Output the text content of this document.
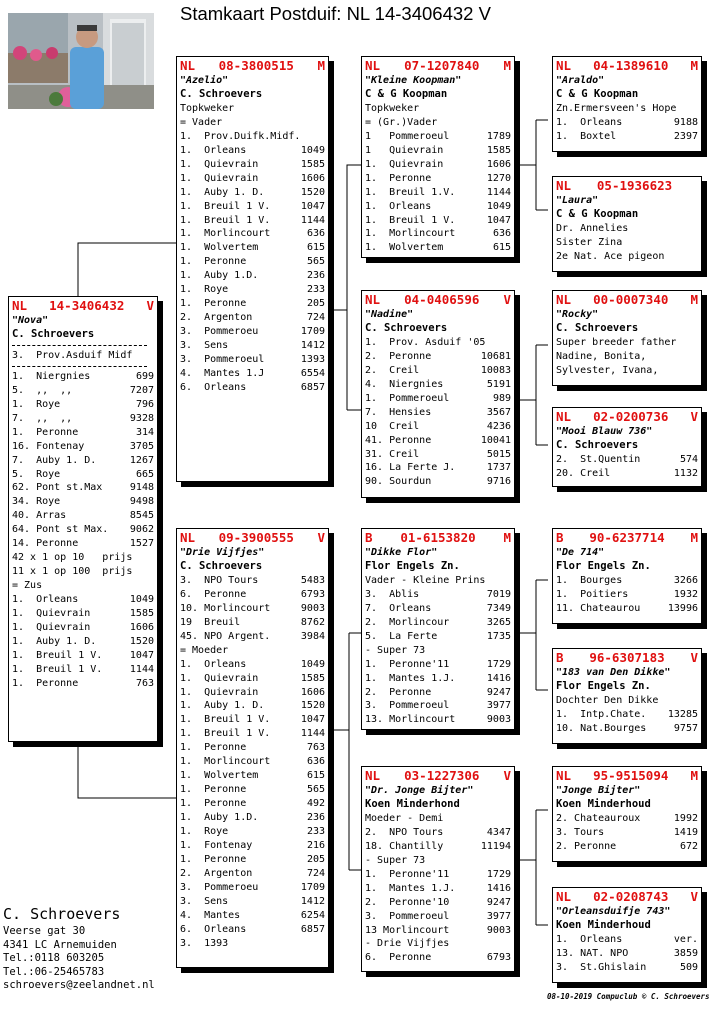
Stamkaart Postduif: NL 14-3406432 V
NL 14-3406432 V
"Nova"
C. Schroevers
3.  Prov.Asduif Midf
1.  Niergnies	699
5.  ,,  ,,	7207
1.  Roye	796
7.  ,,  ,,	9328
1.  Peronne	314
16. Fontenay	3705
7.  Auby 1. D.	1267
5.  Roye	665
62. Pont st.Max	9148
34. Roye	9498
40. Arras	8545
64. Pont st Max.	9062
14. Peronne	1527
42 x 1 op 10   prijs
11 x 1 op 100  prijs
= Zus
1.  Orleans	1049
1.  Quievrain	1585
1.  Quievrain	1606
1.  Auby 1. D.	1520
1.  Breuil 1 V.	1047
1.  Breuil 1 V.	1144
1.  Peronne	763
NL 08-3800515 M
"Azelio"
C. Schroevers
Topkweker
= Vader
1.  Prov.Duifk.Midf.
1.  Orleans	1049
1.  Quievrain	1585
1.  Quievrain	1606
1.  Auby 1. D.	1520
1.  Breuil 1 V.	1047
1.  Breuil 1 V.	1144
1.  Morlincourt	636
1.  Wolvertem	615
1.  Peronne	565
1.  Auby 1.D.	236
1.  Roye	233
1.  Peronne	205
2.  Argenton	724
3.  Pommeroeu	1709
3.  Sens	1412
3.  Pommeroeul	1393
4.  Mantes 1.J	6554
6.  Orleans	6857
NL 09-3900555 V
"Drie Vijfjes"
C. Schroevers
3.  NPO Tours	5483
6.  Peronne	6793
10. Morlincourt	9003
19  Breuil	8762
45. NPO Argent.	3984
= Moeder
1.  Orleans	1049
1.  Quievrain	1585
1.  Quievrain	1606
1.  Auby 1. D.	1520
1.  Breuil 1 V.	1047
1.  Breuil 1 V.	1144
1.  Peronne	763
1.  Morlincourt	636
1.  Wolvertem	615
1.  Peronne	565
1.  Peronne	492
1.  Auby 1.D.	236
1.  Roye	233
1.  Fontenay	216
1.  Peronne	205
2.  Argenton	724
3.  Pommeroeu	1709
3.  Sens	1412
4.  Mantes	6254
6.  Orleans	6857
3.  1393
NL 07-1207840 M
"Kleine Koopman"
C & G Koopman
Topkweker
= (Gr.)Vader
1   Pommeroeul	1789
1   Quievrain	1585
1.  Quievrain	1606
1.  Peronne	1270
1.  Breuil 1.V.	1144
1.  Orleans	1049
1.  Breuil 1 V.	1047
1.  Morlincourt	636
1.  Wolvertem	615
NL 04-0406596 V
"Nadine"
C. Schroevers
1.  Prov. Asduif '05
2.  Peronne	10681
2.  Creil	10083
4.  Niergnies	5191
1.  Pommeroeul	989
7.  Hensies	3567
10  Creil	4236
41. Peronne	10041
31. Creil	5015
16. La Ferte J.	1737
90. Sourdun	9716
B 01-6153820 M
"Dikke Flor"
Flor Engels Zn.
Vader - Kleine Prins
3.  Ablis	7019
7.  Orleans	7349
2.  Morlincour	3265
5.  La Ferte	1735
- Super 73
1.  Peronne'11	1729
1.  Mantes 1.J.	1416
2.  Peronne	9247
3.  Pommeroeul	3977
13. Morlincourt	9003
NL 03-1227306 V
"Dr. Jonge Bijter"
Koen Minderhond
Moeder - Demi
2.  NPO Tours	4347
18. Chantilly	11194
- Super 73
1.  Peronne'11	1729
1.  Mantes 1.J.	1416
2.  Peronne'10	9247
3.  Pommeroeul	3977
13 Morlincourt	9003
- Drie Vijfjes
6.  Peronne	6793
NL 04-1389610 M
"Araldo"
C & G Koopman
Zn.Ermersveen's Hope
1.  Orleans	9188
1.  Boxtel	2397
NL 05-1936623
"Laura"
C & G Koopman
Dr. Annelies
Sister Zina
2e Nat. Ace pigeon
NL 00-0007340 M
"Rocky"
C. Schroevers
Super breeder father
Nadine, Bonita,
Sylvester, Ivana,
NL 02-0200736 V
"Mooi Blauw 736"
C. Schroevers
2.  St.Quentin	574
20. Creil	1132
B 90-6237714 M
"De 714"
Flor Engels Zn.
1.  Bourges	3266
1.  Poitiers	1932
11. Chateaurou	13996
B 96-6307183 V
"183 van Den Dikke"
Flor Engels Zn.
Dochter Den Dikke
1.  Intp.Chate.	13285
10. Nat.Bourges	9757
NL 95-9515094 M
"Jonge Bijter"
Koen Minderhoud
2. Chateauroux	1992
3. Tours	1419
2. Peronne	672
NL 02-0208743 V
"Orleansduifje 743"
Koen Minderhoud
1.  Orleans	ver.
13. NAT. NPO	3859
3.  St.Ghislain	509
C. Schroevers
Veerse gat 30
4341 LC Arnemuiden
Tel.:0118 603205
Tel.:06-25465783
schroevers@zeelandnet.nl
08-10-2019 Compuclub © C. Schroevers
